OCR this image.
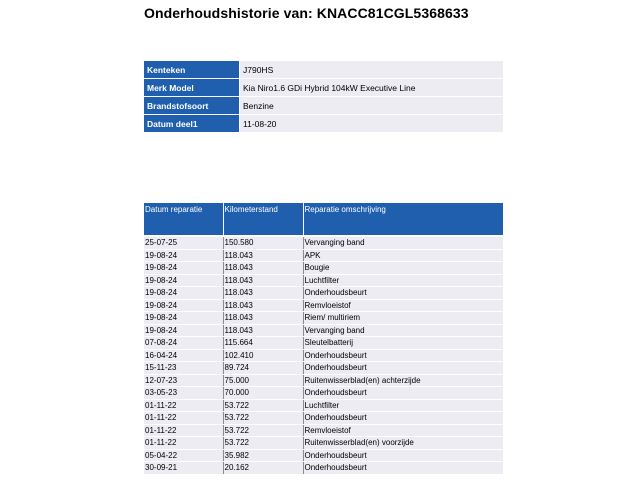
Onderhoudshistorie van: KNACC81CGL5368633
Kenteken	J790HS
Merk Model	Kia Niro1.6 GDi Hybrid 104kW Executive Line
Brandstofsoort	Benzine
Datum deel1	11-08-20
Datum reparatie	Kilometerstand	Reparatie omschrijving

25-07-25	150.580	Vervanging band
19-08-24	118.043	APK
19-08-24	118.043	Bougie
19-08-24	118.043	Luchtfilter
19-08-24	118.043	Onderhoudsbeurt
19-08-24	118.043	Remvloeistof
19-08-24	118.043	Riem/ multiriem
19-08-24	118.043	Vervanging band
07-08-24	115.664	Sleutelbatterij
16-04-24	102.410	Onderhoudsbeurt
15-11-23	89.724	Onderhoudsbeurt
12-07-23	75.000	Ruitenwisserblad(en) achterzijde
03-05-23	70.000	Onderhoudsbeurt
01-11-22	53.722	Luchtfilter
01-11-22	53.722	Onderhoudsbeurt
01-11-22	53.722	Remvloeistof
01-11-22	53.722	Ruitenwisserblad(en) voorzijde
05-04-22	35.982	Onderhoudsbeurt
30-09-21	20.162	Onderhoudsbeurt
